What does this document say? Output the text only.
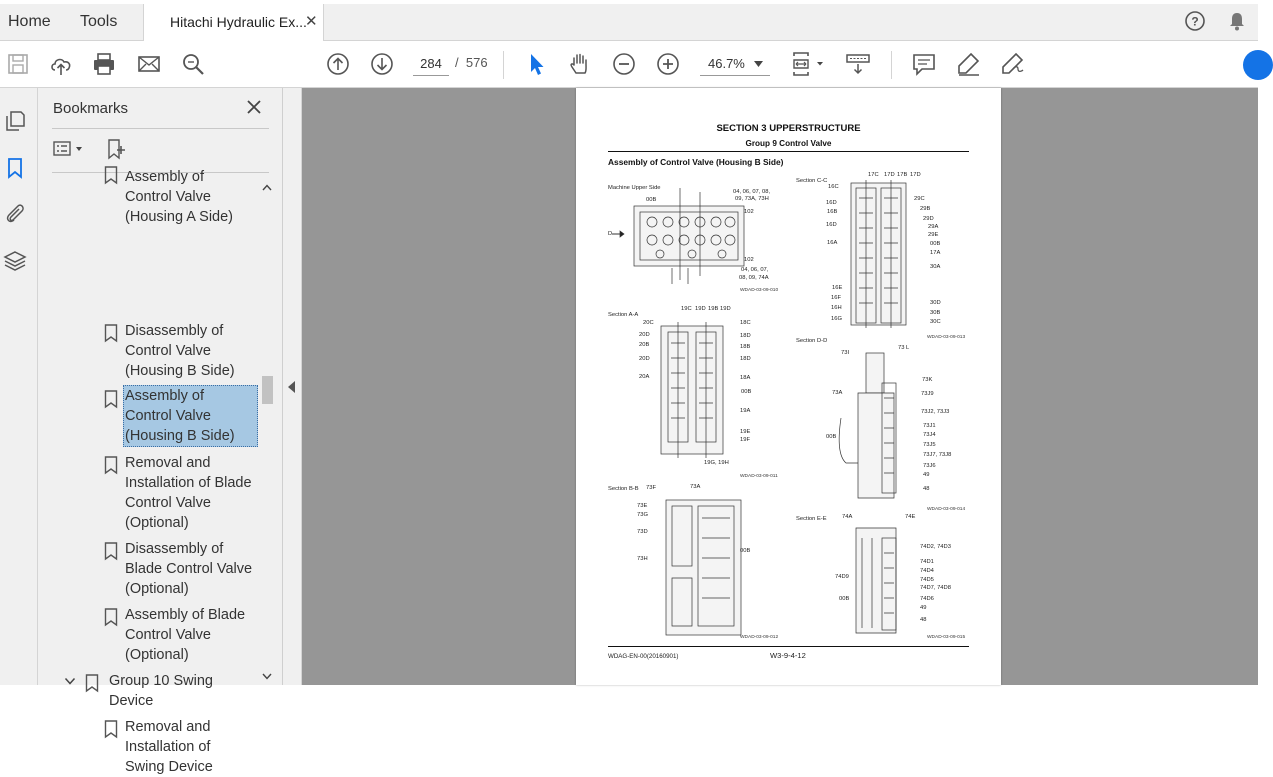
Home Tools	Hitachi Hydraulic Ex...
✕	?
284	/ 576	46.7%
Bookmarks
Assembly of
Control Valve
(Housing A Side)
Disassembly of
Control Valve
(Housing B Side)
Assembly of
Control Valve
(Housing B Side)
Removal and
Installation of Blade
Control Valve
(Optional)
Disassembly of
Blade Control Valve
(Optional)
Assembly of Blade
Control Valve
(Optional)
Group 10 Swing
Device
Removal and
Installation of
Swing Device
SECTION 3 UPPERSTRUCTURE
Group 9 Control Valve
Assembly of Control Valve (Housing B Side)
Machine Upper Side
WDAD-03-09-010
Section C-C
WDAD-03-09-013
Section A-A
WDAD-03-09-011
Section D-D
WDAD-03-09-014
Section B-B
WDAD-03-09-012
Section E-E
WDAD-03-09-015
00B
04, 06, 07, 08,
09, 73A, 73H
102
D
102
04, 06, 07,
08, 09, 74A
17C 17D 17B 17D
16C
16D
16B
16D
16A
29C
29B
29D
29A
29E
00B
17A
30A
16E
16F
16H
16G
30D
30B
30C
19C 19D 19B 19D
20C
20D
20B
20D
20A
18C
18D
18B
18D
18A
00B
19A
19E
19F
19G, 19H
73I
73 L
73A
73K
73J9
73J2, 73J3
73J1
73J4
73J5
73J7, 73J8
73J6
00B
49
48
73F	73A
73E
73G
73D
73H
00B
74A	74E
74D2, 74D3
74D1
74D4
74D9	74D5
74D7, 74D8
00B	74D6
49
48
WDAG-EN-00(20160901)	W3-9-4-12
